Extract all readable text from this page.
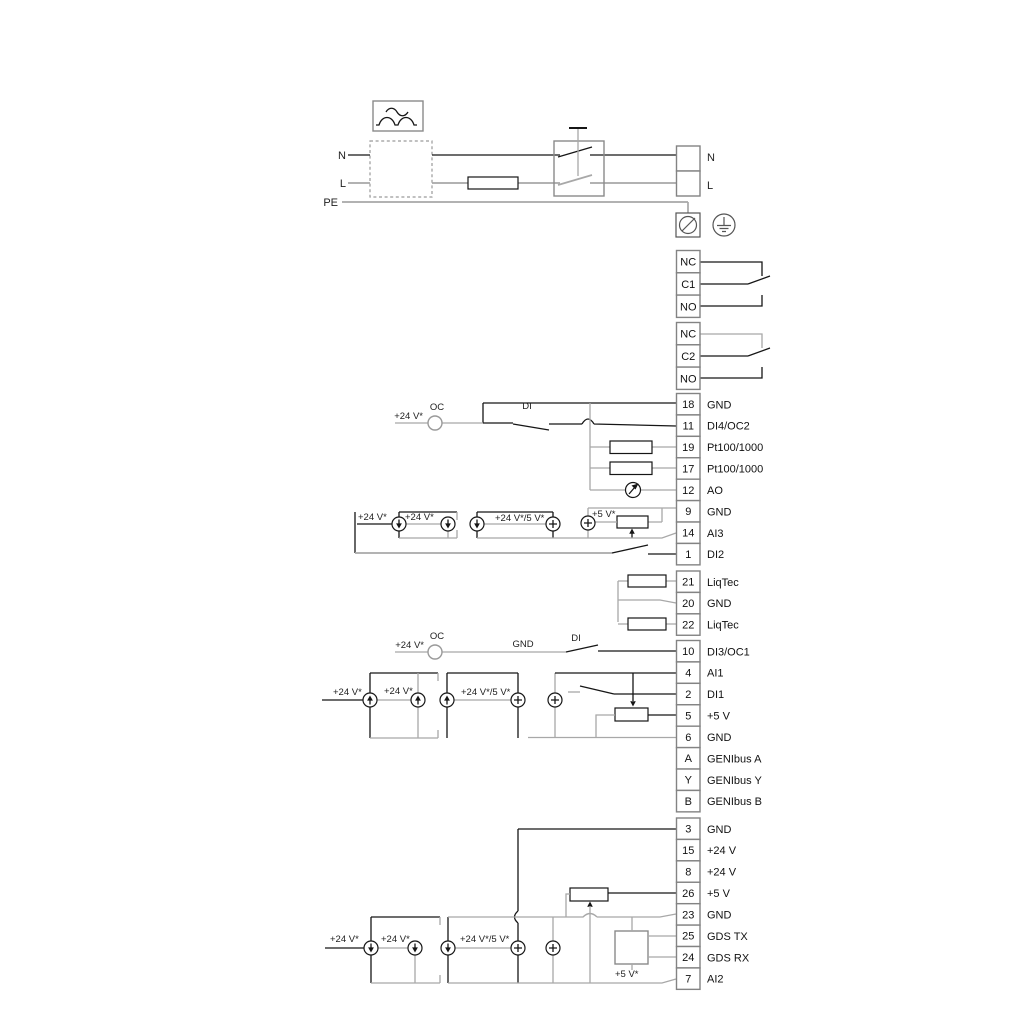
18 GND
11 DI4/OC2
19 Pt100/1000
17 Pt100/1000
12 AO
9 GND
14 AI3
1 DI2
21 LiqTec
20 GND
22 LiqTec
10 DI3/OC1
4 AI1
2 DI1
5 +5 V
6 GND
A GENIbus A
Y GENIbus Y
B GENIbus B
3 GND
15 +24 V
8 +24 V
26 +5 V
23 GND
25 GDS TX
24 GDS RX
7 AI2
NC
C1
NO
NC
C2
NO
N
L
PE
N
L
+24 V*
OC	DI
+24 V* +24 V*	+24 V*/5 V*	+5 V*
+24 V*
OC
GND
DI
+24 V* +24 V*	+24 V*/5 V*
+24 V* +24 V*	+24 V*/5 V*
+5 V*
